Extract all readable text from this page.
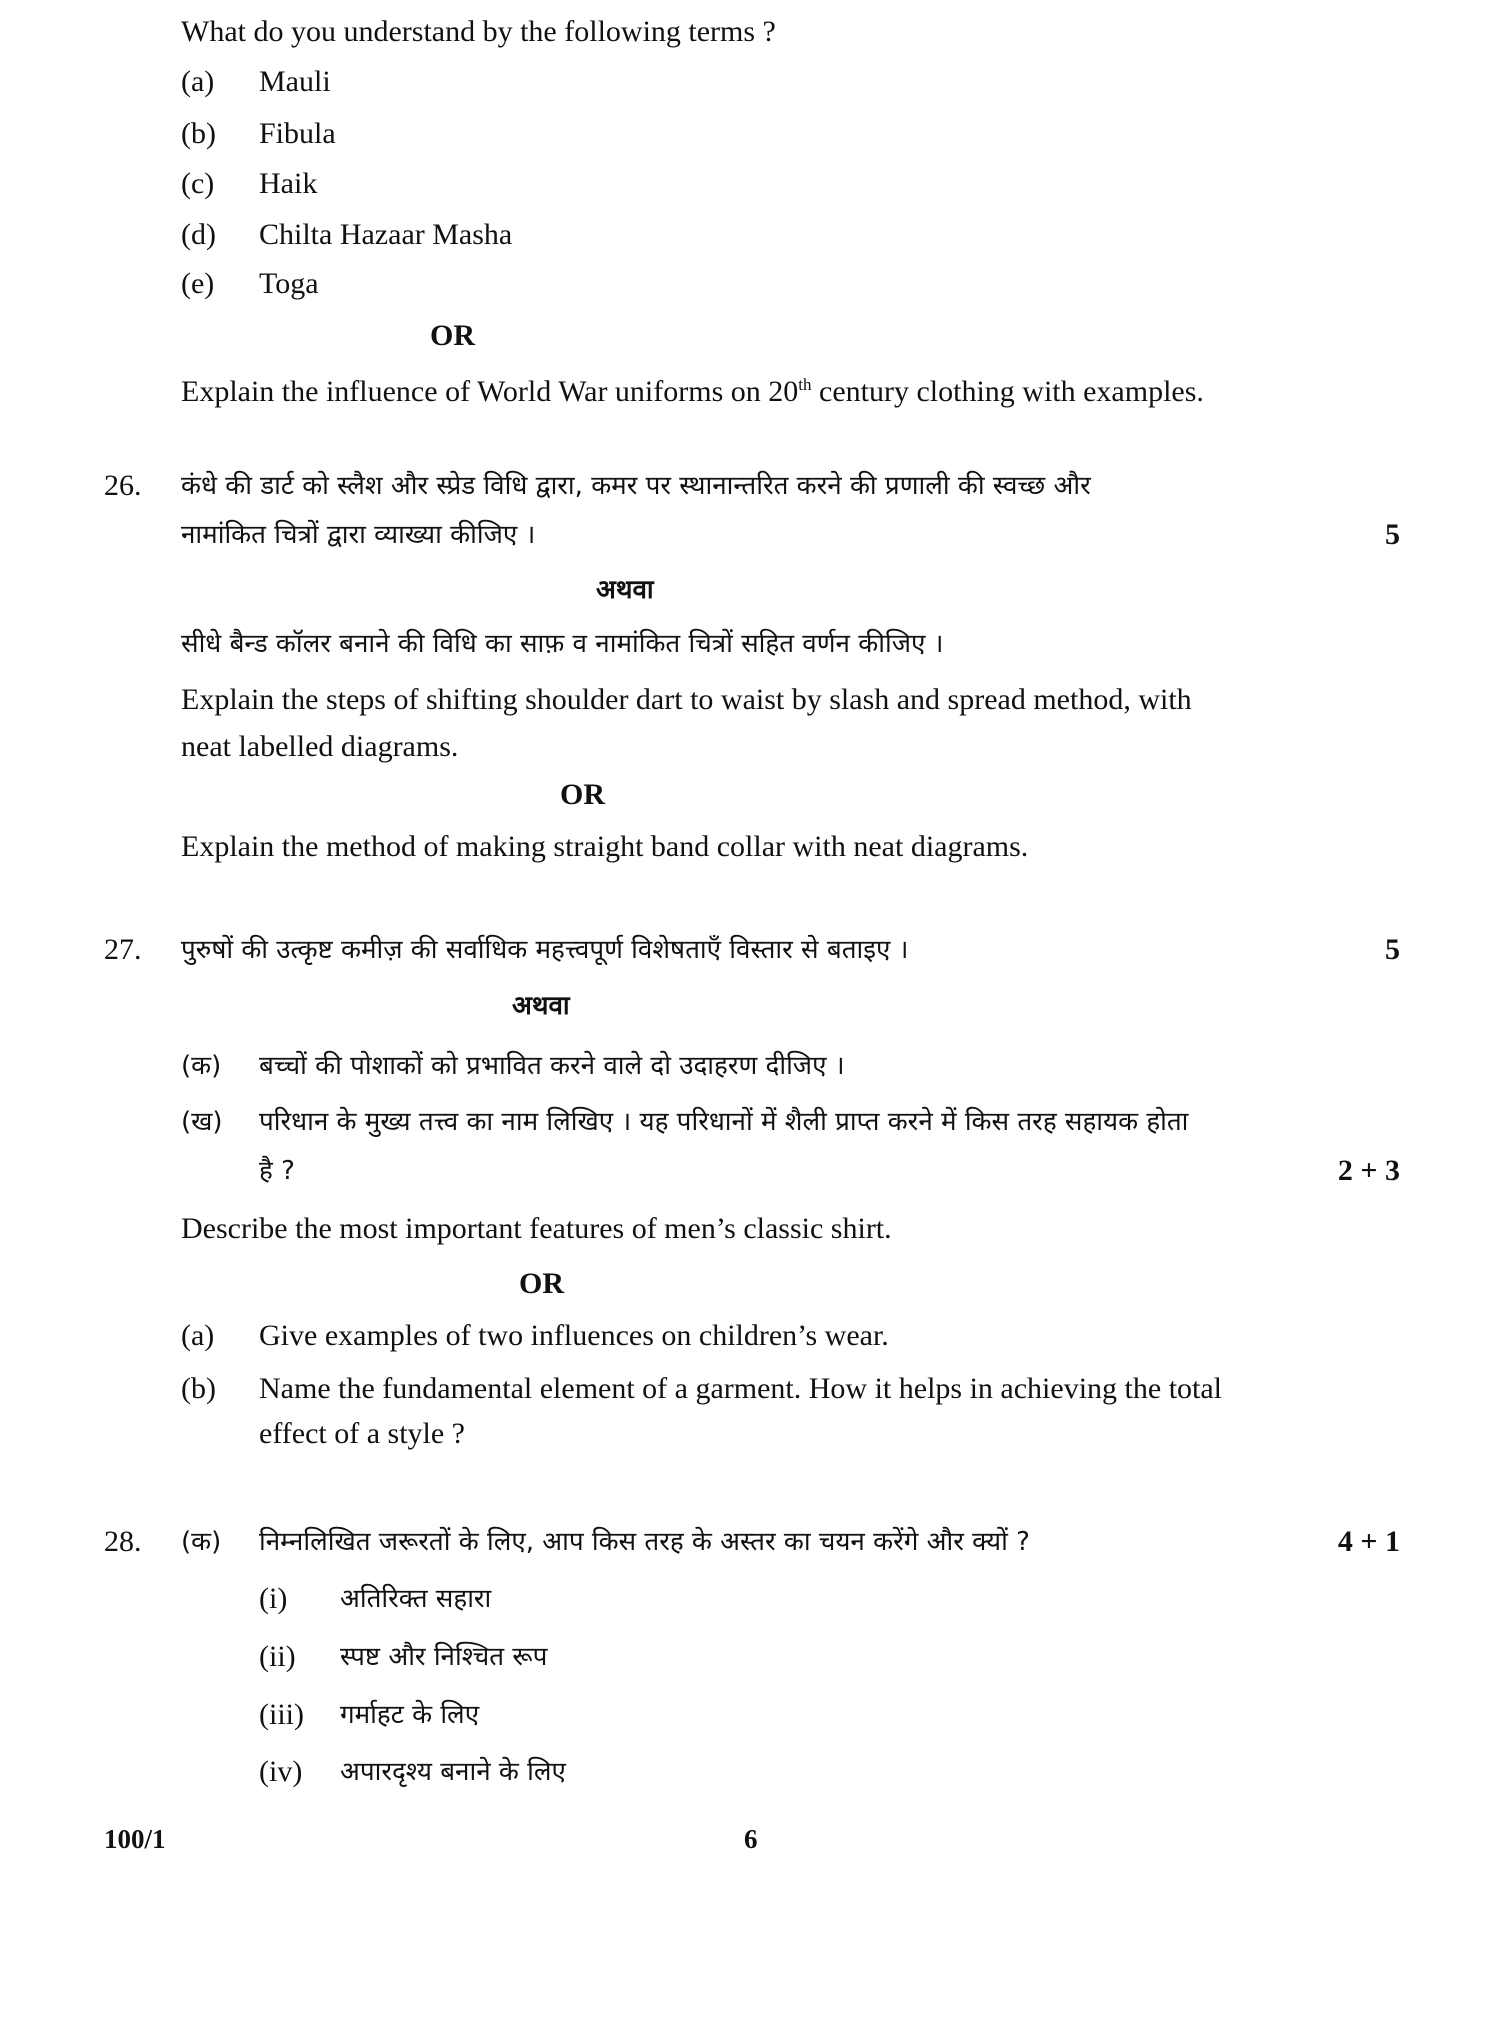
What do you understand by the following terms ?
(a) Mauli
(b) Fibula
(c) Haik
(d) Chilta Hazaar Masha
(e) Toga
OR
Explain the influence of World War uniforms on 20th century clothing with examples.
26. कंधे की डार्ट को स्लैश और स्प्रेड विधि द्वारा, कमर पर स्थानान्तरित करने की प्रणाली की स्वच्छ और
नामांकित चित्रों द्वारा व्याख्या कीजिए ।	5
अथवा
सीधे बैन्ड कॉलर बनाने की विधि का साफ़ व नामांकित चित्रों सहित वर्णन कीजिए ।
Explain the steps of shifting shoulder dart to waist by slash and spread method, with
neat labelled diagrams.
OR
Explain the method of making straight band collar with neat diagrams.
27. पुरुषों की उत्कृष्ट कमीज़ की सर्वाधिक महत्त्वपूर्ण विशेषताएँ विस्तार से बताइए ।	5
अथवा
(क) बच्चों की पोशाकों को प्रभावित करने वाले दो उदाहरण दीजिए ।
(ख) परिधान के मुख्य तत्त्व का नाम लिखिए । यह परिधानों में शैली प्राप्त करने में किस तरह सहायक होता
है ?	2 + 3
Describe the most important features of men’s classic shirt.
OR
(a) Give examples of two influences on children’s wear.
(b) Name the fundamental element of a garment. How it helps in achieving the total
effect of a style ?
28. (क) निम्नलिखित जरूरतों के लिए, आप किस तरह के अस्तर का चयन करेंगे और क्यों ?	4 + 1
(i) अतिरिक्त सहारा
(ii) स्पष्ट और निश्चित रूप
(iii) गर्माहट के लिए
(iv) अपारदृश्य बनाने के लिए
100/1	6
